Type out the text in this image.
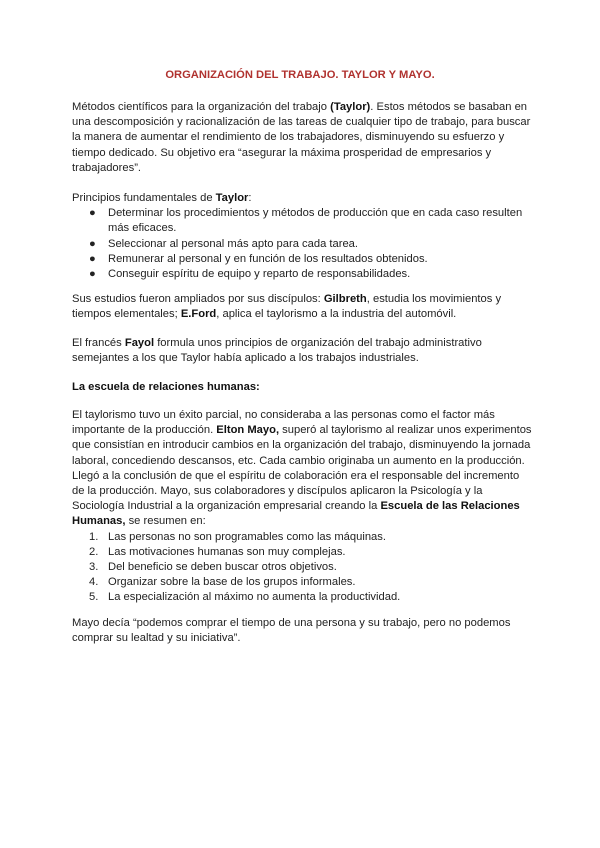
ORGANIZACIÓN DEL TRABAJO. TAYLOR Y MAYO.

Métodos científicos para la organización del trabajo (Taylor). Estos métodos se basaban en una descomposición y racionalización de las tareas de cualquier tipo de trabajo, para buscar la manera de aumentar el rendimiento de los trabajadores, disminuyendo su esfuerzo y tiempo dedicado. Su objetivo era “asegurar la máxima prosperidad de empresarios y trabajadores”.

Principios fundamentales de Taylor:

● Determinar los procedimientos y métodos de producción que en cada caso resulten más eficaces.
● Seleccionar al personal más apto para cada tarea.
● Remunerar al personal y en función de los resultados obtenidos.
● Conseguir espíritu de equipo y reparto de responsabilidades.

Sus estudios fueron ampliados por sus discípulos: Gilbreth, estudia los movimientos y tiempos elementales; E.Ford, aplica el taylorismo a la industria del automóvil.

El francés Fayol formula unos principios de organización del trabajo administrativo semejantes a los que Taylor había aplicado a los trabajos industriales.

La escuela de relaciones humanas:

El taylorismo tuvo un éxito parcial, no consideraba a las personas como el factor más importante de la producción. Elton Mayo, superó al taylorismo al realizar unos experimentos que consistían en introducir cambios en la organización del trabajo, disminuyendo la jornada laboral, concediendo descansos, etc. Cada cambio originaba un aumento en la producción. Llegó a la conclusión de que el espíritu de colaboración era el responsable del incremento de la producción. Mayo, sus colaboradores y discípulos aplicaron la Psicología y la Sociología Industrial a la organización empresarial creando la Escuela de las Relaciones Humanas, se resumen en:

1. Las personas no son programables como las máquinas.
2. Las motivaciones humanas son muy complejas.
3. Del beneficio se deben buscar otros objetivos.
4. Organizar sobre la base de los grupos informales.
5. La especialización al máximo no aumenta la productividad.

Mayo decía “podemos comprar el tiempo de una persona y su trabajo, pero no podemos comprar su lealtad y su iniciativa”.
